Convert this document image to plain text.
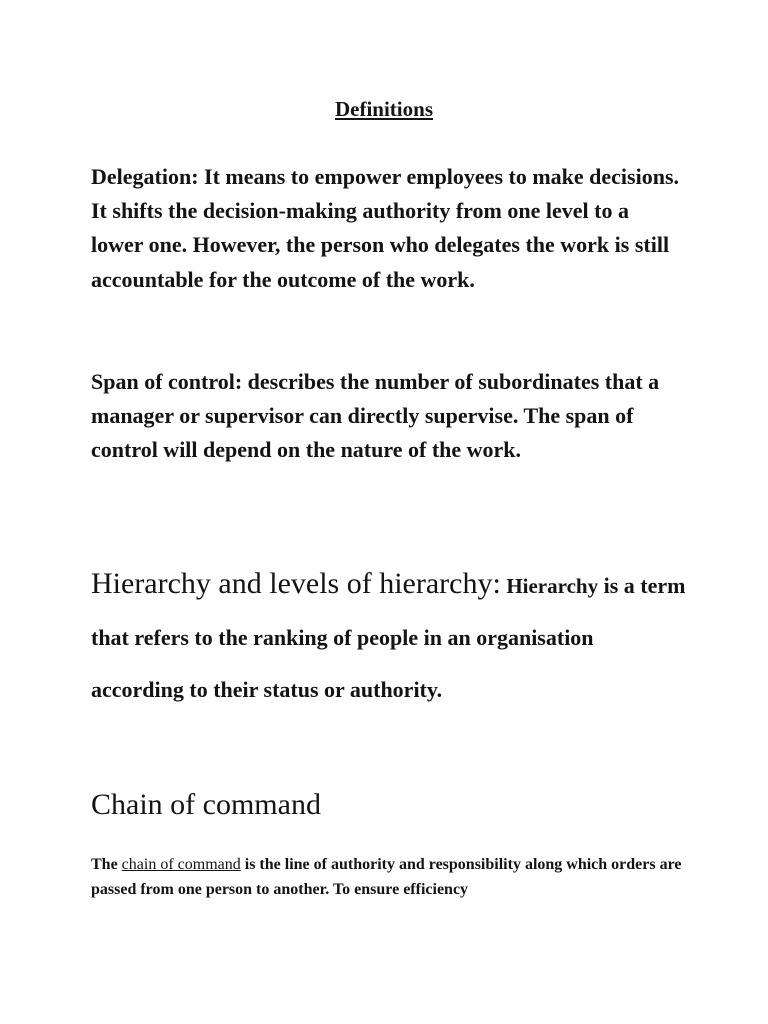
Definitions

Delegation: It means to empower employees to make decisions. It shifts the decision-making authority from one level to a lower one. However, the person who delegates the work is still accountable for the outcome of the work.

Span of control: describes the number of subordinates that a manager or supervisor can directly supervise. The span of control will depend on the nature of the work.

Hierarchy and levels of hierarchy: Hierarchy is a term that refers to the ranking of people in an organisation according to their status or authority.

Chain of command

The chain of command is the line of authority and responsibility along which orders are passed from one person to another. To ensure efficiency
